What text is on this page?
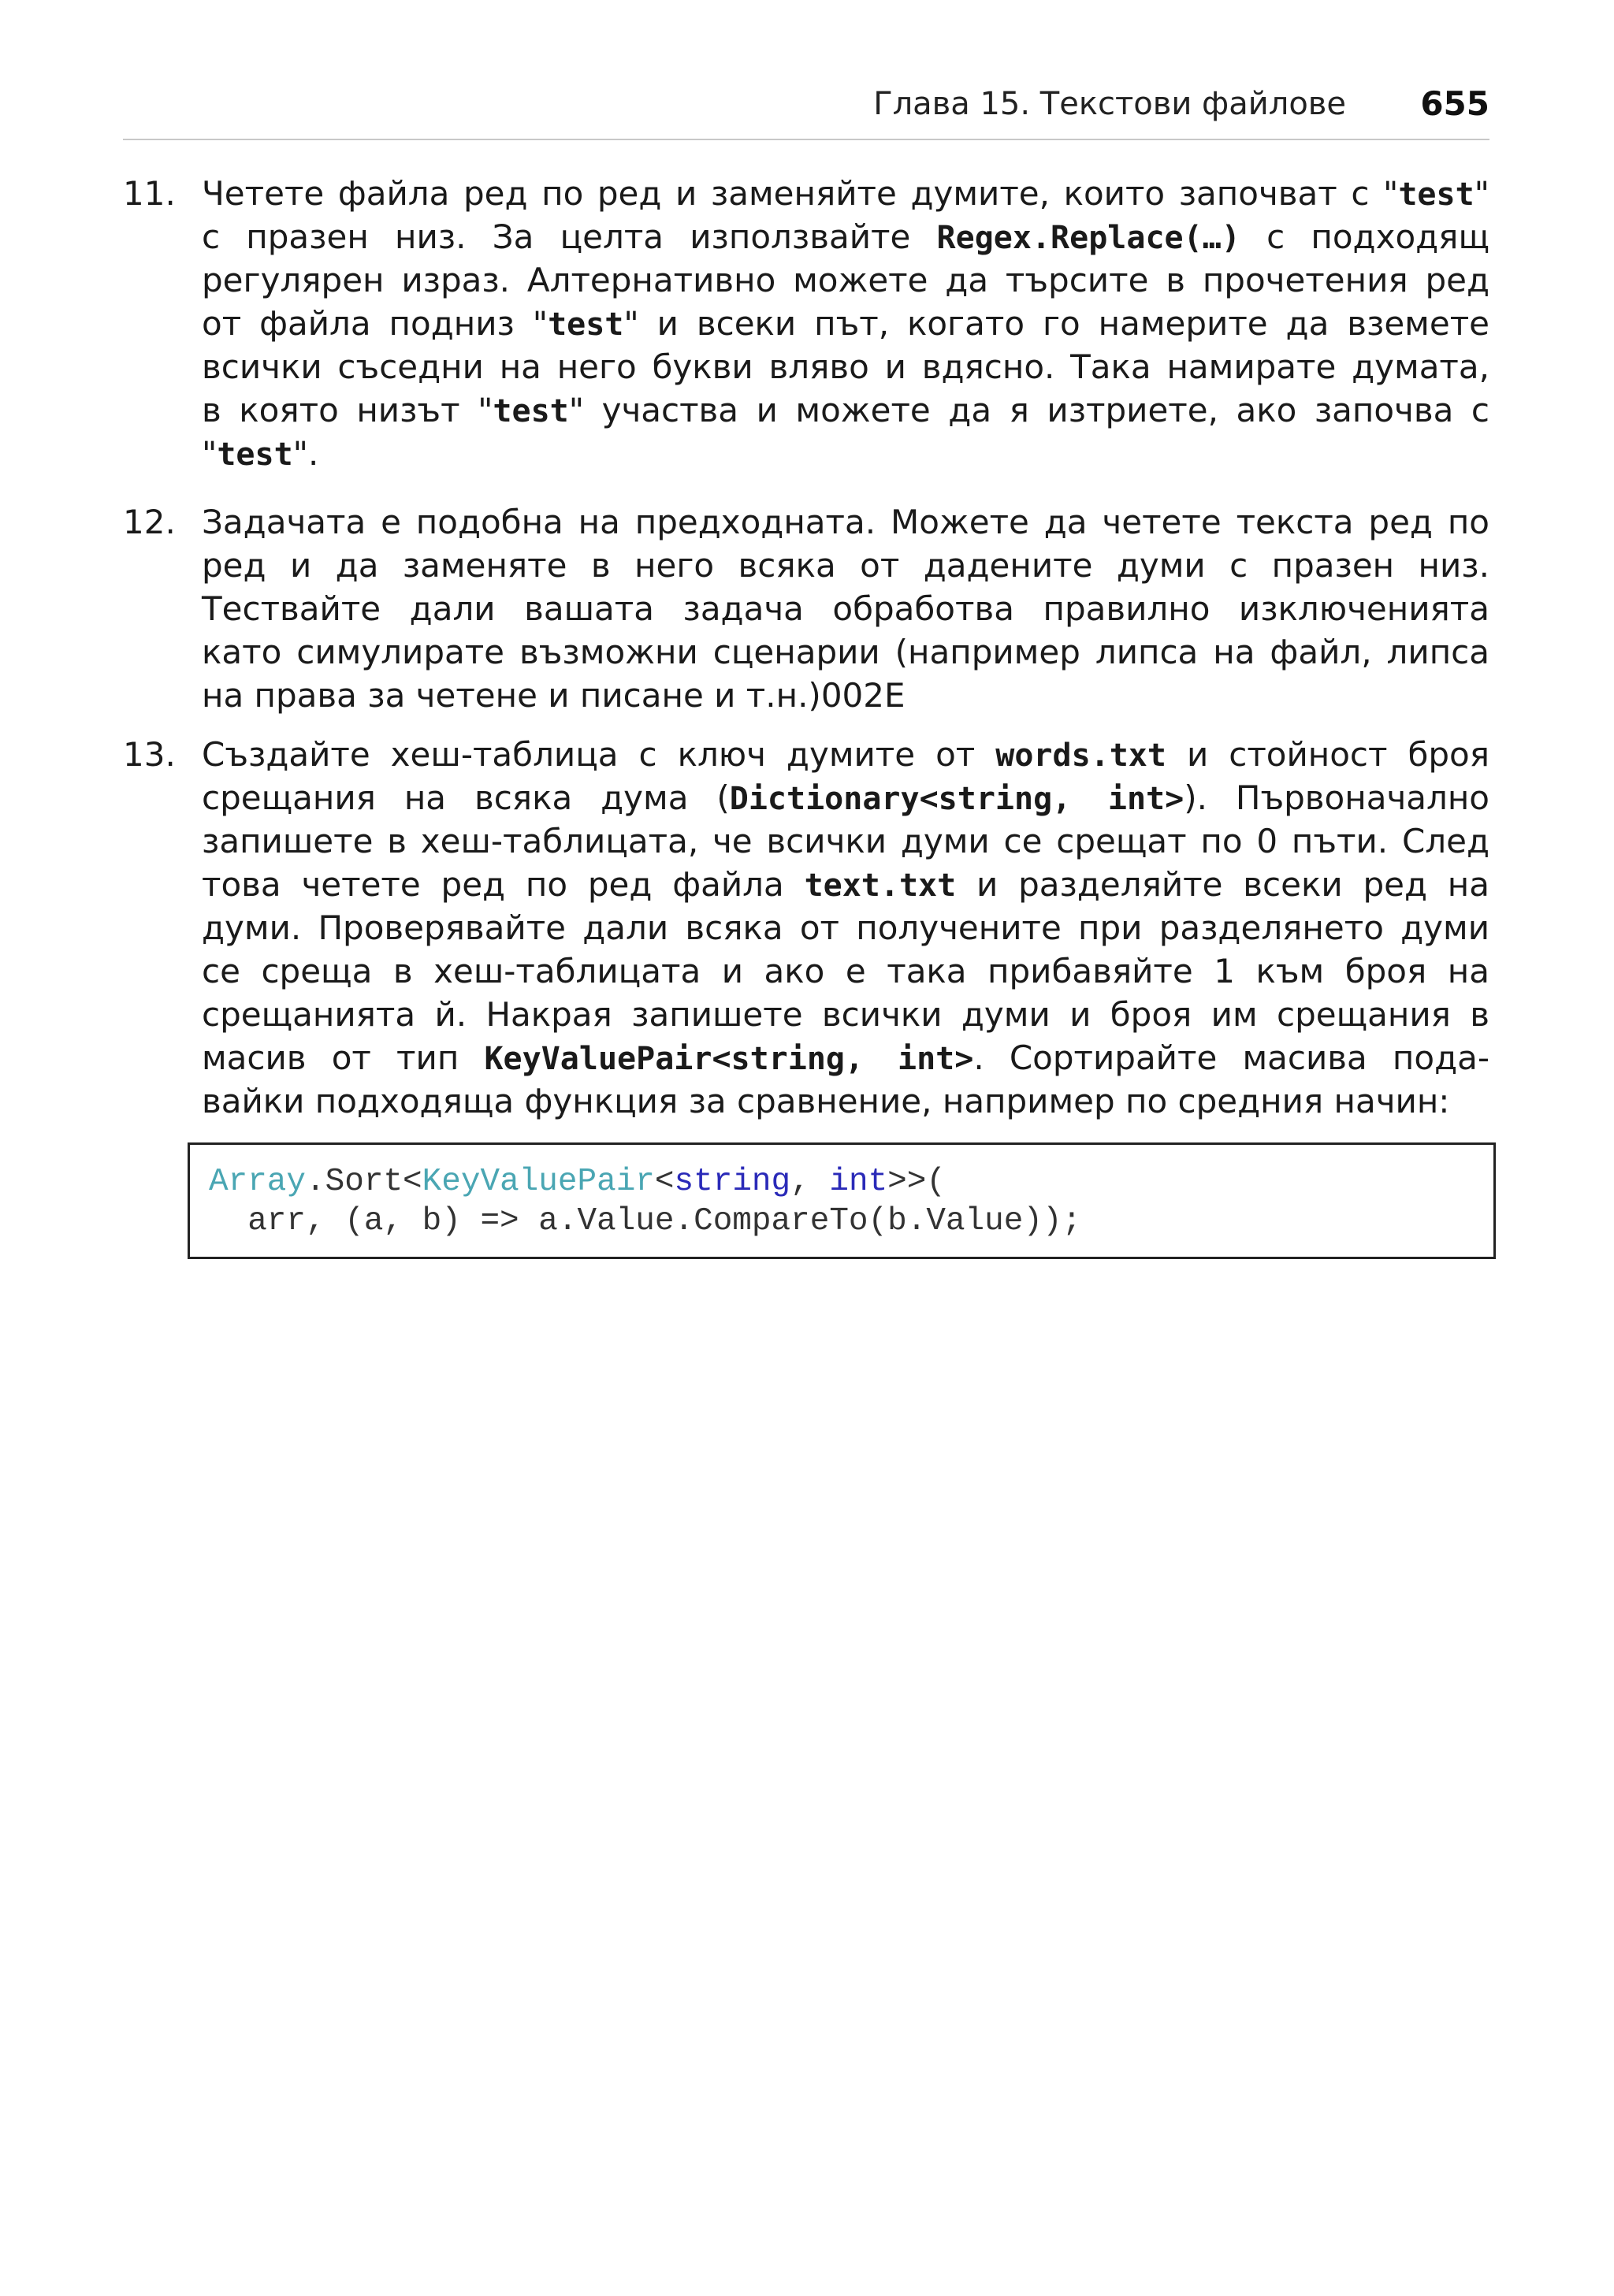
Глава 15. Текстови файлове 655
11. Четете файла ред по ред и заменяйте думите, които започват с "test"
с празен низ. За целта използвайте Regex.Replace(…) с подходящ
регулярен израз. Алтернативно можете да търсите в прочетения ред
от файла подниз "test" и всеки път, когато го намерите да вземете
всички съседни на него букви вляво и вдясно. Така намирате думата,
в която низът "test" участва и можете да я изтриете, ако започва с
"test".
12. Задачата е подобна на предходната. Можете да четете текста ред по
ред и да заменяте в него всяка от дадените думи с празен низ.
Тествайте дали вашата задача обработва правилно изключенията
като симулирате възможни сценарии (например липса на файл, липса
на права за четене и писане и т.н.)002E
13. Създайте хеш-таблица с ключ думите от words.txt и стойност броя
срещания на всяка дума (Dictionary<string, int>). Първоначално
запишете в хеш-таблицата, че всички думи се срещат по 0 пъти. След
това четете ред по ред файла text.txt и разделяйте всеки ред на
думи. Проверявайте дали всяка от получените при разделянето думи
се среща в хеш-таблицата и ако е така прибавяйте 1 към броя на
срещанията й. Накрая запишете всички думи и броя им срещания в
масив от тип KeyValuePair<string, int>. Сортирайте масива пода-
вайки подходяща функция за сравнение, например по средния начин:
Array.Sort<KeyValuePair<string, int>>(
arr, (a, b) => a.Value.CompareTo(b.Value));
